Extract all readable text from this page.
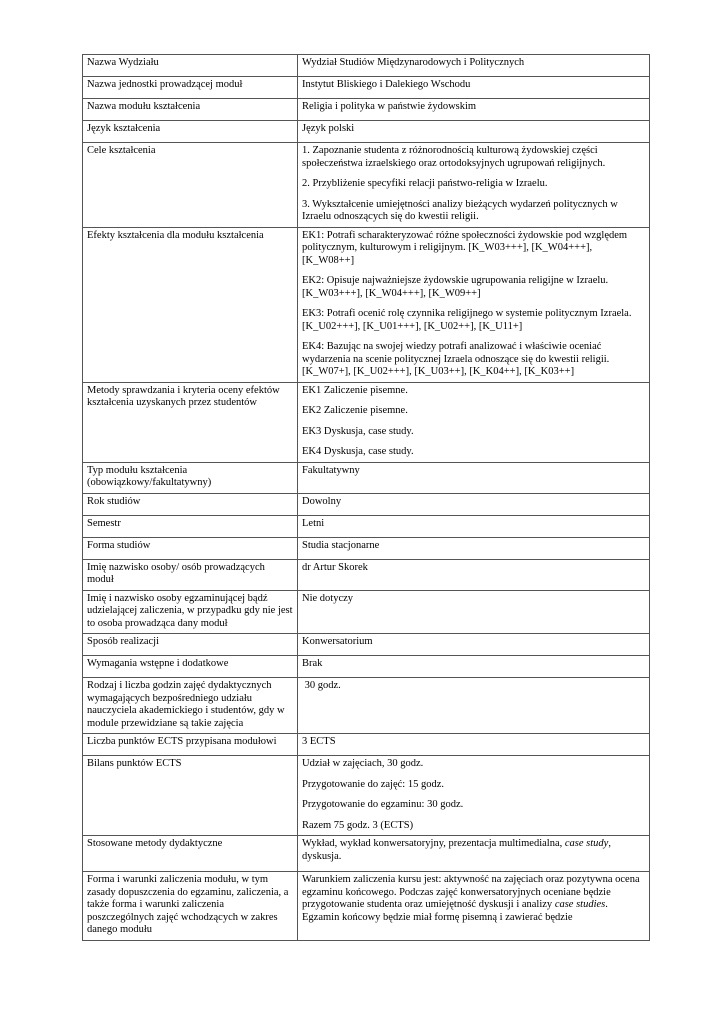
Nazwa Wydziału	Wydział Studiów Międzynarodowych i Politycznych
Nazwa jednostki prowadzącej moduł	Instytut Bliskiego i Dalekiego Wschodu
Nazwa modułu kształcenia	Religia i polityka w państwie żydowskim
Język kształcenia	Język polski
Cele kształcenia	1. Zapoznanie studenta z różnorodnością kulturową żydowskiej części społeczeństwa izraelskiego oraz ortodoksyjnych ugrupowań religijnych.

2. Przybliżenie specyfiki relacji państwo-religia w Izraelu.

3. Wykształcenie umiejętności analizy bieżących wydarzeń politycznych w Izraelu odnoszących się do kwestii religii.

Efekty kształcenia dla modułu kształcenia	EK1: Potrafi scharakteryzować różne społeczności żydowskie pod względem politycznym, kulturowym i religijnym. [K_W03+++], [K_W04+++], [K_W08++]

EK2: Opisuje najważniejsze żydowskie ugrupowania religijne w Izraelu. [K_W03+++], [K_W04+++], [K_W09++]

EK3: Potrafi ocenić rolę czynnika religijnego w systemie politycznym Izraela. [K_U02+++], [K_U01+++], [K_U02++], [K_U11+]

EK4: Bazując na swojej wiedzy potrafi analizować i właściwie oceniać wydarzenia na scenie politycznej Izraela odnoszące się do kwestii religii. [K_W07+], [K_U02+++], [K_U03++], [K_K04++], [K_K03++]

Metody sprawdzania i kryteria oceny efektów kształcenia uzyskanych przez studentów	EK1 Zaliczenie pisemne.

EK2 Zaliczenie pisemne.

EK3 Dyskusja, case study.

EK4 Dyskusja, case study.

Typ modułu kształcenia (obowiązkowy/fakultatywny)	Fakultatywny
Rok studiów	Dowolny
Semestr	Letni
Forma studiów	Studia stacjonarne
Imię nazwisko osoby/ osób prowadzących moduł	dr Artur Skorek
Imię i nazwisko osoby egzaminującej bądź udzielającej zaliczenia, w przypadku gdy nie jest to osoba prowadząca dany moduł	Nie dotyczy
Sposób realizacji	Konwersatorium
Wymagania wstępne i dodatkowe	Brak
Rodzaj i liczba godzin zajęć dydaktycznych wymagających bezpośredniego udziału nauczyciela akademickiego i studentów, gdy w module przewidziane są takie zajęcia	30 godz.
Liczba punktów ECTS przypisana modułowi	3 ECTS
Bilans punktów ECTS	Udział w zajęciach, 30 godz.

Przygotowanie do zajęć: 15 godz.

Przygotowanie do egzaminu: 30 godz.

Razem 75 godz. 3 (ECTS)

Stosowane metody dydaktyczne	Wykład, wykład konwersatoryjny, prezentacja multimedialna, case study, dyskusja.
Forma i warunki zaliczenia modułu, w tym zasady dopuszczenia do egzaminu, zaliczenia, a także forma i warunki zaliczenia poszczególnych zajęć wchodzących w zakres danego modułu	Warunkiem zaliczenia kursu jest: aktywność na zajęciach oraz pozytywna ocena egzaminu końcowego. Podczas zajęć konwersatoryjnych oceniane będzie przygotowanie studenta oraz umiejętność dyskusji i analizy case studies. Egzamin końcowy będzie miał formę pisemną i zawierać będzie
